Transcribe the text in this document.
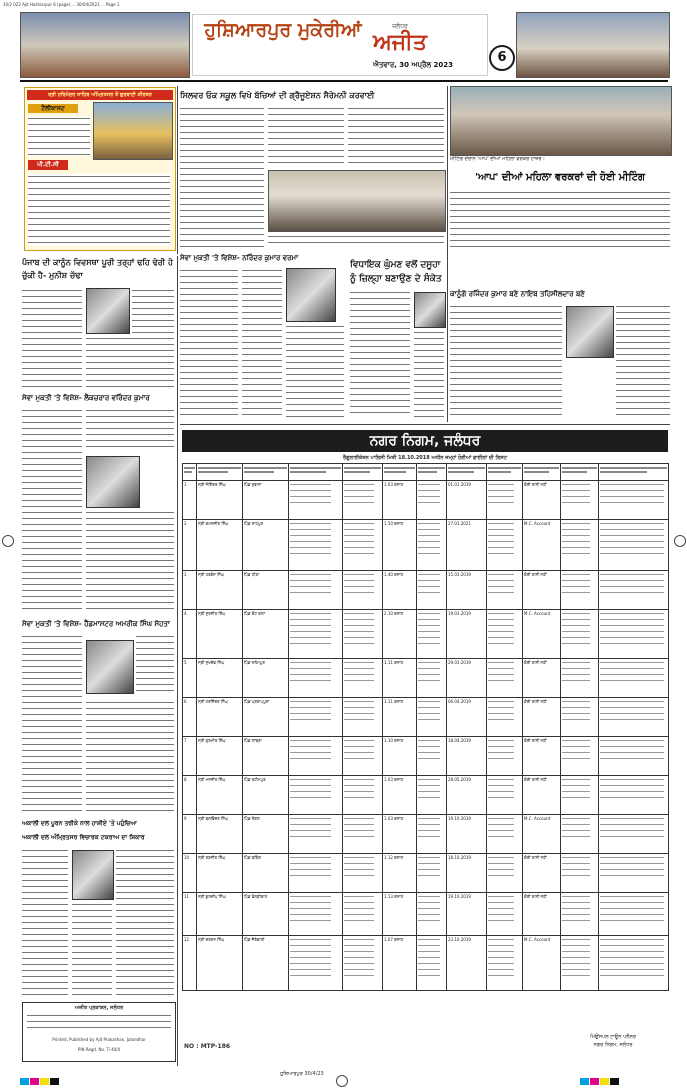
10/2 022 Ajit Hoshiarpur 6 (page) ... 30/04/2023 ... Page 1
ਹੁਸ਼ਿਆਰਪੁਰ ਮੁਕੇਰੀਆਂ	ਜਲੰਧਰ
ਅਜੀਤ
ਐਤਵਾਰ, 30 ਅਪ੍ਰੈਲ 2023	6
ਸ੍ਰੀ ਹਰਿਮੰਦਰ ਸਾਹਿਬ ਅੰਮ੍ਰਿਤਸਰ ਤੋਂ ਗੁਰਬਾਣੀ ਕੀਰਤਨ
ਟੈਲੀਕਾਸਟ
ਪੀ.ਟੀ.ਸੀ
ਸਿਲਵਰ ਓਕ ਸਕੂਲ ਵਿਖੇ ਬੱਚਿਆਂ ਦੀ ਗ੍ਰੈਜੂਏਸ਼ਨ ਸੈਰੇਮਨੀ ਕਰਵਾਈ
ਮੀਟਿੰਗ ਦੌਰਾਨ 'ਆਪ' ਦੀਆਂ ਮਹਿਲਾ ਵਰਕਰ ਹਾਜ਼ਰ।
'ਆਪ' ਦੀਆਂ ਮਹਿਲਾ ਵਰਕਰਾਂ ਦੀ ਹੋਈ ਮੀਟਿੰਗ
ਪੰਜਾਬ ਦੀ ਕਾਨੂੰਨ ਵਿਵਸਥਾ ਪੂਰੀ ਤਰ੍ਹਾਂ ਢਹਿ ਢੇਰੀ ਹੋ ਚੁੱਕੀ ਹੈ- ਮੁਨੀਸ਼ ਚੱਢਾ
ਸੇਵਾ ਮੁਕਤੀ 'ਤੇ ਵਿਸ਼ੇਸ਼- ਲੈਕਚਰਾਰ ਵਰਿੰਦਰ ਕੁਮਾਰ
ਸੇਵਾ ਮੁਕਤੀ 'ਤੇ ਵਿਸ਼ੇਸ਼- ਹੈੱਡਮਾਸਟਰ ਅਮਰੀਕ ਸਿੰਘ ਸੋਹਤਾ
ਅਕਾਲੀ ਦਲ ਪੂਰਨ ਤਰੀਕੇ ਨਾਲ ਹਾਸ਼ੀਏ 'ਤੇ ਪਹੁੰਚਿਆ
ਅਕਾਲੀ ਦਲ ਅੰਮ੍ਰਿਤਸਰ ਵਿਚਾਰਕ ਟਕਰਾਅ ਦਾ ਸ਼ਿਕਾਰ
ਅਜੀਤ ਪ੍ਰਕਾਸ਼ਨ, ਜਲੰਧਰ
Printed, Published by Ajit Prakashan, Jalandhar
PIN Regd. No. Ti 40/4
ਸੇਵਾ ਮੁਕਤੀ 'ਤੇ ਵਿਸ਼ੇਸ਼- ਨਰਿੰਦਰ ਕੁਮਾਰ ਵਰਮਾ
ਵਿਧਾਇਕ ਘੁੰਮਣ ਵਲੋਂ ਦਸੂਹਾ ਨੂੰ ਜ਼ਿਲ੍ਹਾ ਬਣਾਉਣ ਦੇ ਸੰਕੇਤ
ਕਾਨੂੰਗੋ ਰਜਿੰਦਰ ਕੁਮਾਰ ਬਣੇ ਨਾਇਬ ਤਹਿਸੀਲਦਾਰ ਬਣੇ
ਨਗਰ ਨਿਗਮ, ਜਲੰਧਰ
ਰੈਗੂਲਾਈਜ਼ੇਸ਼ਨ ਪਾਲਿਸੀ ਮਿਤੀ 18.10.2018 ਅਧੀਨ ਜਮ੍ਹਾਂ ਹੋਈਆਂ ਫਾਈਲਾਂ ਦੀ ਲਿਸਟ

1	ਸ੍ਰੀ ਜੋਗਿੰਦਰ ਸਿੰਘ	ਪਿੰਡ ਸੁਭਾਨਾ			1.03 ਕਨਾਲ		01.01.2019		ਕੋਈ ਰਾਸ਼ੀ ਨਹੀਂ	

2	ਸ੍ਰੀ ਕਮਲਜੀਤ ਸਿੰਘ	ਪਿੰਡ ਸ਼ਾਹਪੁਰ			1.50 ਕਨਾਲ		27.01.2021		M.C. Account	

3	ਸ੍ਰੀ ਹਰਬੰਸ ਸਿੰਘ	ਪਿੰਡ ਧੀਣਾ			1.40 ਕਨਾਲ		15.03.2019		ਕੋਈ ਰਾਸ਼ੀ ਨਹੀਂ	

4	ਸ੍ਰੀ ਸੁਰਜੀਤ ਸਿੰਘ	ਪਿੰਡ ਕੋਟ ਕਲਾਂ			2.10 ਕਨਾਲ		19.03.2019		M.C. Account	

5	ਸ੍ਰੀ ਸੁਖਦੇਵ ਸਿੰਘ	ਪਿੰਡ ਸਲੇਮਪੁਰ			1.11 ਕਨਾਲ		29.03.2019		ਕੋਈ ਰਾਸ਼ੀ ਨਹੀਂ	

6	ਸ੍ਰੀ ਹਰਜਿੰਦਰ ਸਿੰਘ	ਪਿੰਡ ਪ੍ਰਤਾਪਪੁਰਾ			1.11 ਕਨਾਲ		06.04.2019		ਕੋਈ ਰਾਸ਼ੀ ਨਹੀਂ	

7	ਸ੍ਰੀ ਗੁਰਮੀਤ ਸਿੰਘ	ਪਿੰਡ ਲਾਂਬੜਾ			1.10 ਕਨਾਲ		18.04.2019		ਕੋਈ ਰਾਸ਼ੀ ਨਹੀਂ	

8	ਸ੍ਰੀ ਮਨਜੀਤ ਸਿੰਘ	ਪਿੰਡ ਰਹੀਮਪੁਰ			1.03 ਕਨਾਲ		28.05.2019		ਕੋਈ ਰਾਸ਼ੀ ਨਹੀਂ	

9	ਸ੍ਰੀ ਬਲਵਿੰਦਰ ਸਿੰਘ	ਪਿੰਡ ਨੰਗਲ			1.03 ਕਨਾਲ		19.10.2019		M.C. Account	

10	ਸ੍ਰੀ ਰਣਜੀਤ ਸਿੰਘ	ਪਿੰਡ ਬੜਿੰਗ			1.12 ਕਨਾਲ		18.10.2019		ਕੋਈ ਰਾਸ਼ੀ ਨਹੀਂ	

11	ਸ੍ਰੀ ਕੁਲਦੀਪ ਸਿੰਘ	ਪਿੰਡ ਫੋਲੜੀਵਾਲ			1.13 ਕਨਾਲ		19.10.2019		ਕੋਈ ਰਾਸ਼ੀ ਨਹੀਂ	

12	ਸ੍ਰੀ ਦਰਸ਼ਨ ਸਿੰਘ	ਪਿੰਡ ਜੈਤੇਵਾਲੀ			1.07 ਕਨਾਲ		23.10.2019		M.C. Account	

NO : MTP-186
ਮਿਉਂਸਪਲ ਟਾਊਨ ਪਲੈਨਰ
ਨਗਰ ਨਿਗਮ, ਜਲੰਧਰ
ਹੁਸ਼ਿਆਰਪੁਰ 30/4/23
